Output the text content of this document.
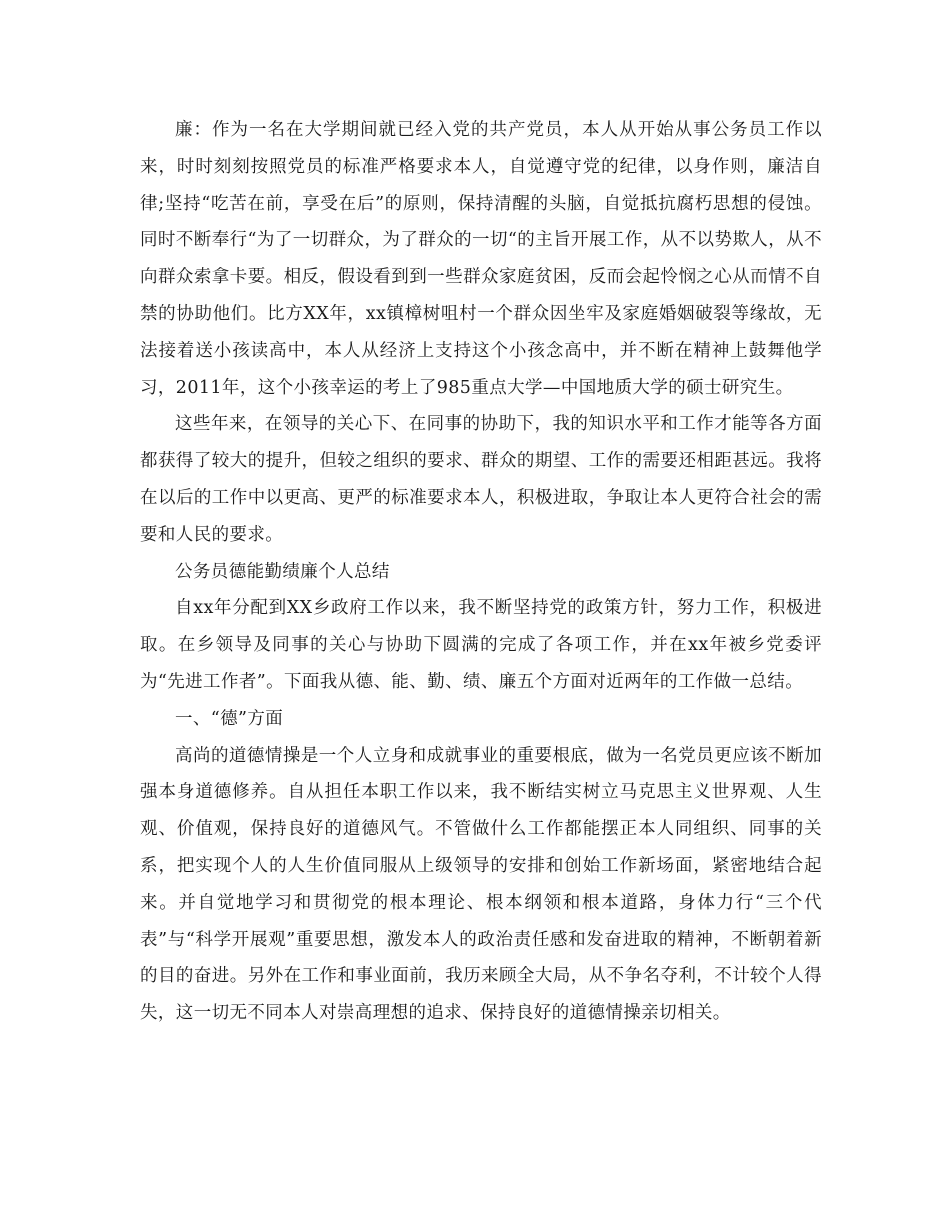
廉：作为一名在大学期间就已经入党的共产党员，本人从开始从事公务员工作以来，时时刻刻按照党员的标准严格要求本人，自觉遵守党的纪律，以身作则，廉洁自律;坚持“吃苦在前，享受在后”的原则，保持清醒的头脑，自觉抵抗腐朽思想的侵蚀。同时不断奉行“为了一切群众，为了群众的一切“的主旨开展工作，从不以势欺人，从不向群众索拿卡要。相反，假设看到到一些群众家庭贫困，反而会起怜悯之心从而情不自禁的协助他们。比方XX年，xx镇樟树咀村一个群众因坐牢及家庭婚姻破裂等缘故，无法接着送小孩读高中，本人从经济上支持这个小孩念高中，并不断在精神上鼓舞他学习，2011年，这个小孩幸运的考上了985重点大学—中国地质大学的硕士研究生。

这些年来，在领导的关心下、在同事的协助下，我的知识水平和工作才能等各方面都获得了较大的提升，但较之组织的要求、群众的期望、工作的需要还相距甚远。我将在以后的工作中以更高、更严的标准要求本人，积极进取，争取让本人更符合社会的需要和人民的要求。

公务员德能勤绩廉个人总结

自xx年分配到XX乡政府工作以来，我不断坚持党的政策方针，努力工作，积极进取。在乡领导及同事的关心与协助下圆满的完成了各项工作，并在xx年被乡党委评为“先进工作者”。下面我从德、能、勤、绩、廉五个方面对近两年的工作做一总结。

一、“德”方面

高尚的道德情操是一个人立身和成就事业的重要根底，做为一名党员更应该不断加强本身道德修养。自从担任本职工作以来，我不断结实树立马克思主义世界观、人生观、价值观，保持良好的道德风气。不管做什么工作都能摆正本人同组织、同事的关系，把实现个人的人生价值同服从上级领导的安排和创始工作新场面，紧密地结合起来。并自觉地学习和贯彻党的根本理论、根本纲领和根本道路，身体力行“三个代表”与“科学开展观”重要思想，激发本人的政治责任感和发奋进取的精神，不断朝着新的目的奋进。另外在工作和事业面前，我历来顾全大局，从不争名夺利，不计较个人得失，这一切无不同本人对崇高理想的追求、保持良好的道德情操亲切相关。
